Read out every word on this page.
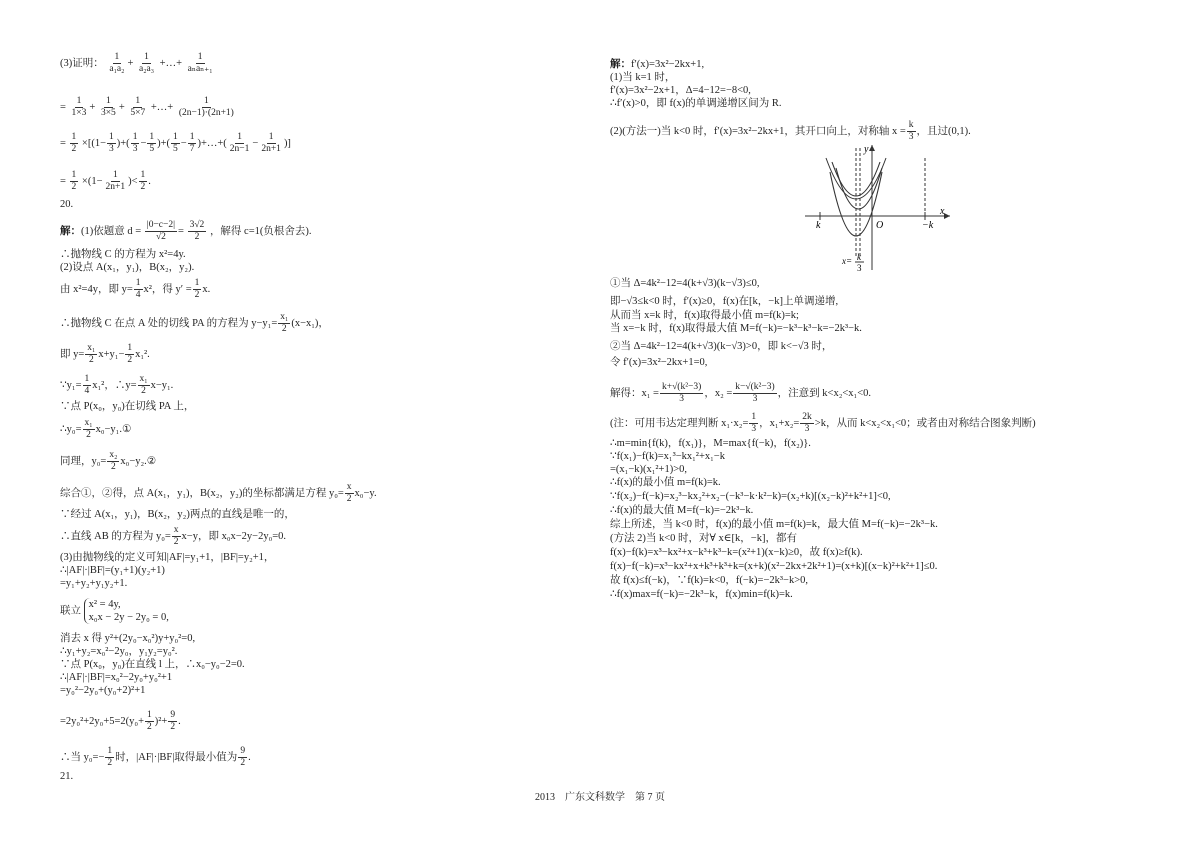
(3)证明： $\frac{1}{\text{a₁a₂}} + \frac{1}{\text{a₂a₃}}$ +…+ $\frac{1}{\text{aₙaₙ₊₁}}$
= $\frac{1}{1\times 3} + \frac{1}{3\times 5} + \frac{1}{5\times 7}$ +…+ $\frac{1}{(2n-1)\cdot(2n+1)}$
= $\frac{1}{2} \times[(1- \frac{1}{3}$ )+( $\frac{1}{3} - \frac{1}{5}$ )+( $\frac{1}{5} - \frac{1}{7}$ )+…+( $\frac{1}{2n-1} - \frac{1}{2n+1}$ )]
= $\frac{1}{2} \times(1- \frac{1}{2n+1}$ )< $\frac{1}{2}$ .
20.
解：(1)依题意 $d = \frac{|0-c-2|}{√2} = \frac{3√2}{2}$ ，解得 c=1(负根舍去).
∴抛物线 C 的方程为 x²=4y.
(2)设点 A(x₁，y₁)，B(x₂，y₂).
由 x²=4y，即 $y= \frac{1}{4} x^2$，得 $y' = \frac{1}{2} x$.
∴抛物线 C 在点 A 处的切线 PA 的方程为 $y-y_1= \frac{\text{x₁}}{2} (x-x_1)$，
即 $y= \frac{\text{x₁}}{2} x+y_1- \frac{1}{2} x_1^2$.
∵y₁= $\frac{1}{4} x_1^2$，∴y= $\frac{\text{x₁}}{2} x-y_1$.
∵点 P(x₀，y₀)在切线 PA 上，
∴y₀= $\frac{\text{x₁}}{2}$ x₀−y₁.①
同理，$y_0= \frac{\text{x₂}}{2}$ x₀−y₂.②
综合①，②得，点 A(x₁，y₁)，B(x₂，y₂)的坐标都满足方程 $y_0= \frac{x}{2} x_0-y$.
∵经过 A(x₁，y₁)，B(x₂，y₂)两点的直线是唯一的，
∴直线 AB 的方程为 $y_0= \frac{x}{2} x-y$，即 x₀x−2y−2y₀=0.
(3)由抛物线的定义可知|AF|=y₁+1，|BF|=y₂+1，
∴|AF|·|BF|=(y₁+1)(y₂+1)
=y₁+y₂+y₁y₂+1.
联立
x² = 4y,
x₀x − 2y − 2y₀ = 0,
消去 x 得 y²+(2y₀−x₀²)y+y₀²=0,
∴y₁+y₂=x₀²−2y₀，y₁y₂=y₀².
∵点 P(x₀，y₀)在直线 l 上，∴x₀−y₀−2=0.
∴|AF|·|BF|=x₀²−2y₀+y₀²+1
=y₀²−2y₀+(y₀+2)²+1
$=2y_0^2+2y_0+5=2(y_0+ \frac{1}{2} )^2+ \frac{9}{2}$ .
∴当 $y_0=- \frac{1}{2}$ 时，|AF|·|BF|取得最小值为 $\frac{9}{2}$ .
21.
解：f′(x)=3x²−2kx+1,
(1)当 k=1 时，
f′(x)=3x²−2x+1，Δ=4−12=−8<0,
∴f′(x)>0，即 f(x)的单调递增区间为 R.
(2)(方法一)当 k<0 时，f′(x)=3x²−2kx+1，其开口向上，对称轴 $x = \frac{k}{3}$ ，且过(0,1).
y
x
O
k	−k
x= k
3
①当 Δ=4k²−12=4(k+√3)(k−√3)≤0,
即−√3≤k<0 时，f′(x)≥0，f(x)在[k，−k]上单调递增,
从而当 x=k 时，f(x)取得最小值 m=f(k)=k;
当 x=−k 时，f(x)取得最大值 M=f(−k)=−k³−k³−k=−2k³−k.
②当 Δ=4k²−12=4(k+√3)(k−√3)>0，即 k<−√3 时，
令 f′(x)=3x²−2kx+1=0,
解得：$x_1 = \frac{\text{k+√(k²−3)}}{3}$ ，$x_2 = \frac{\text{k−√(k²−3)}}{3}$ ，注意到 k<x₂<x₁<0.
(注：可用韦达定理判断 $x_1\cdot x_2= \frac{1}{3}$ ，$x_1+x_2= \frac{2k}{3} >k$，从而 k<x₂<x₁<0；或者由对称结合图象判断)
∴m=min{f(k)，f(x₁)}，M=max{f(−k)，f(x₂)}.
∵f(x₁)−f(k)=x₁³−kx₁²+x₁−k
=(x₁−k)(x₁²+1)>0,
∴f(x)的最小值 m=f(k)=k.
∵f(x₂)−f(−k)=x₂³−kx₂²+x₂−(−k³−k·k²−k)=(x₂+k)[(x₂−k)²+k²+1]<0,
∴f(x)的最大值 M=f(−k)=−2k³−k.
综上所述，当 k<0 时，f(x)的最小值 m=f(k)=k，最大值 M=f(−k)=−2k³−k.
(方法 2)当 k<0 时，对∀ x∈[k，−k]，都有
f(x)−f(k)=x³−kx²+x−k³+k³−k=(x²+1)(x−k)≥0，故 f(x)≥f(k).
f(x)−f(−k)=x³−kx²+x+k³+k³+k=(x+k)(x²−2kx+2k²+1)=(x+k)[(x−k)²+k²+1]≤0.
故 f(x)≤f(−k)，∵f(k)=k<0，f(−k)=−2k³−k>0,
∴f(x)max=f(−k)=−2k³−k，f(x)min=f(k)=k.
2013　广东文科数学　第 7 页
